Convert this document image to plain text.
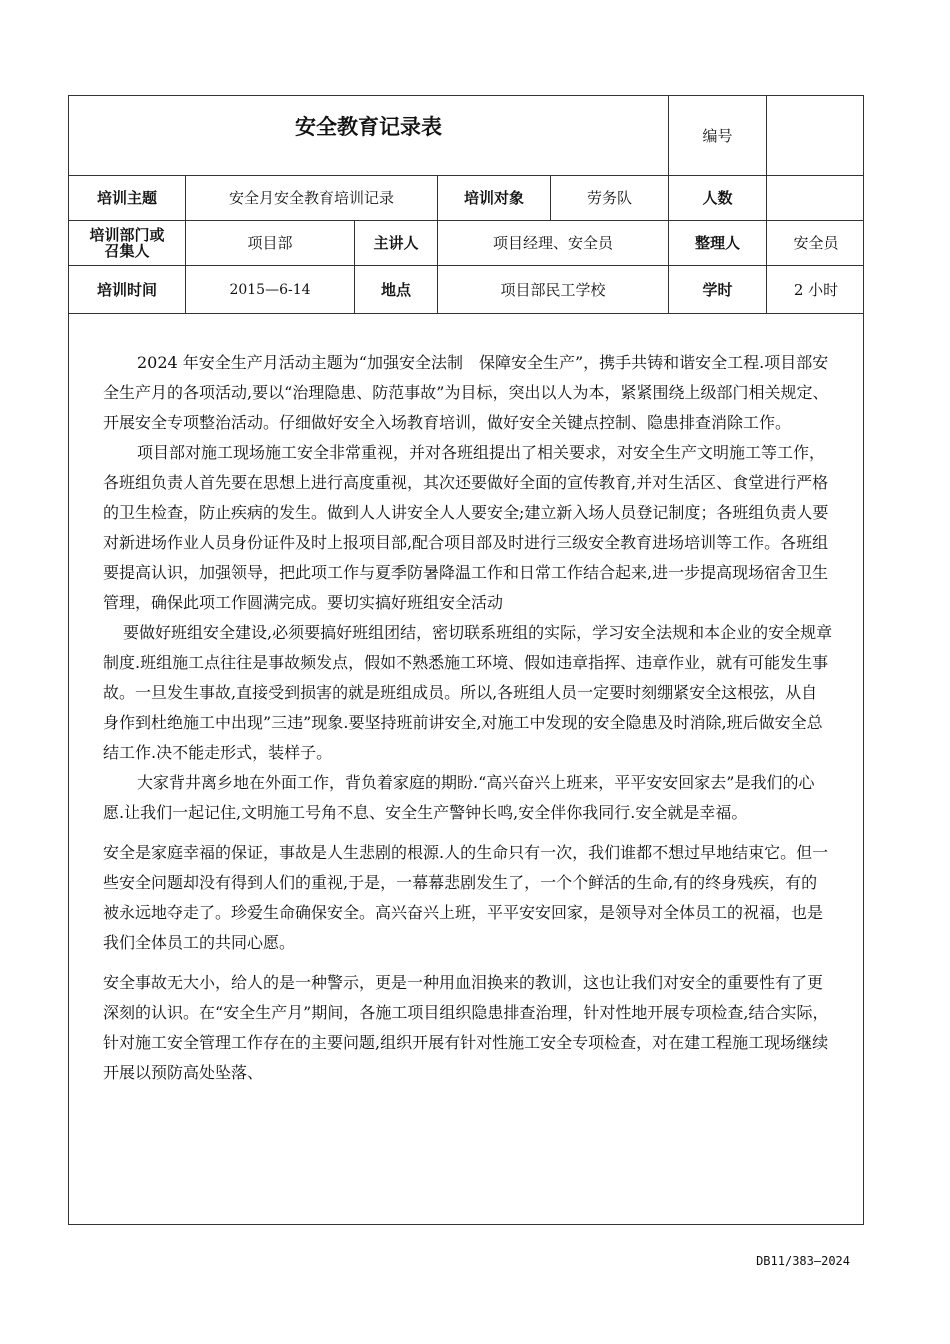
安全教育记录表	编号
培训主题	安全月安全教育培训记录	培训对象	劳务队	人数
培训部门或召集人	项目部	主讲人	项目经理、安全员	整理人	安全员
培训时间	2015—6-14	地点	项目部民工学校	学时	2 小时

2024 年安全生产月活动主题为“加强安全法制　保障安全生产”，携手共铸和谐安全工程.项目部安全生产月的各项活动,要以“治理隐患、防范事故”为目标，突出以人为本，紧紧围绕上级部门相关规定、开展安全专项整治活动。仔细做好安全入场教育培训，做好安全关键点控制、隐患排查消除工作。

项目部对施工现场施工安全非常重视，并对各班组提出了相关要求，对安全生产文明施工等工作，各班组负责人首先要在思想上进行高度重视，其次还要做好全面的宣传教育,并对生活区、食堂进行严格的卫生检查，防止疾病的发生。做到人人讲安全人人要安全;建立新入场人员登记制度；各班组负责人要对新进场作业人员身份证件及时上报项目部,配合项目部及时进行三级安全教育进场培训等工作。各班组要提高认识，加强领导，把此项工作与夏季防暑降温工作和日常工作结合起来,进一步提高现场宿舍卫生管理，确保此项工作圆满完成。要切实搞好班组安全活动

要做好班组安全建设,必须要搞好班组团结，密切联系班组的实际，学习安全法规和本企业的安全规章制度.班组施工点往往是事故频发点，假如不熟悉施工环境、假如违章指挥、违章作业，就有可能发生事故。一旦发生事故,直接受到损害的就是班组成员。所以,各班组人员一定要时刻绷紧安全这根弦，从自身作到杜绝施工中出现”三违”现象.要坚持班前讲安全,对施工中发现的安全隐患及时消除,班后做安全总结工作.决不能走形式，装样子。

大家背井离乡地在外面工作，背负着家庭的期盼.“高兴奋兴上班来，平平安安回家去”是我们的心愿.让我们一起记住,文明施工号角不息、安全生产警钟长鸣,安全伴你我同行.安全就是幸福。

安全是家庭幸福的保证，事故是人生悲剧的根源.人的生命只有一次，我们谁都不想过早地结束它。但一些安全问题却没有得到人们的重视,于是，一幕幕悲剧发生了，一个个鲜活的生命,有的终身残疾，有的被永远地夺走了。珍爱生命确保安全。高兴奋兴上班，平平安安回家，是领导对全体员工的祝福，也是我们全体员工的共同心愿。

安全事故无大小，给人的是一种警示，更是一种用血泪换来的教训，这也让我们对安全的重要性有了更深刻的认识。在“安全生产月”期间，各施工项目组织隐患排查治理，针对性地开展专项检查,结合实际，针对施工安全管理工作存在的主要问题,组织开展有针对性施工安全专项检查，对在建工程施工现场继续开展以预防高处坠落、

DB11/383—2024
